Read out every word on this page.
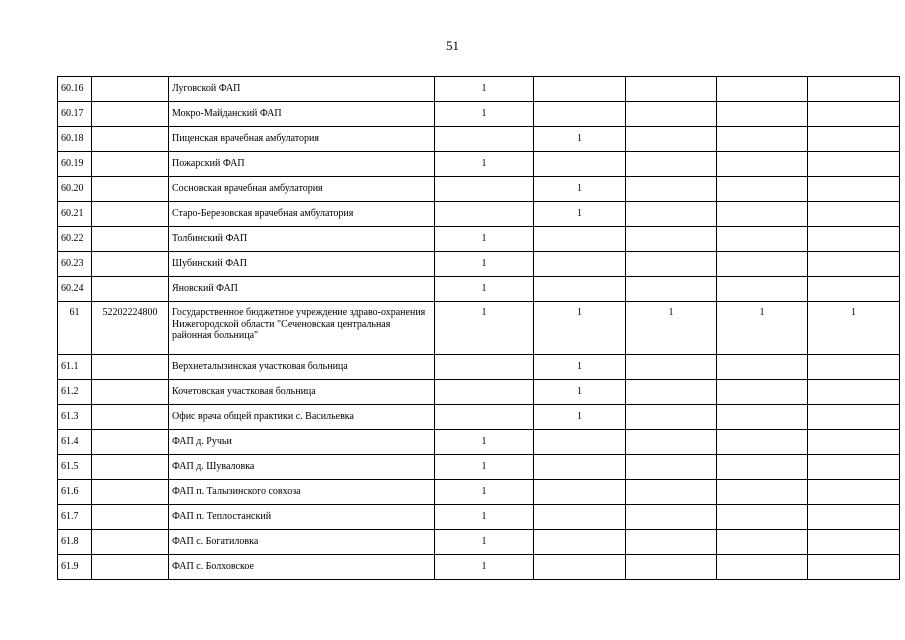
51
60.16		Луговской ФАП	1				
60.17		Мокро-Майданский ФАП	1				
60.18		Пиценская врачебная амбулатория		1			
60.19		Пожарский ФАП	1				
60.20		Сосновская врачебная амбулатория		1			
60.21		Старо-Березовская врачебная амбулатория		1			
60.22		Толбинский ФАП	1				
60.23		Шубинский ФАП	1				
60.24		Яновский ФАП	1				
61	52202224800	Государственное бюджетное учреждение здраво-охранения Нижегородской области "Сеченовская центральная районная больница"	1	1	1	1	1
61.1		Верхнеталызинская участковая больница		1			
61.2		Кочетовская участковая больница		1			
61.3		Офис врача общей практики с. Васильевка		1			
61.4		ФАП д. Ручьи	1				
61.5		ФАП д. Шуваловка	1				
61.6		ФАП п. Талызинского совхоза	1				
61.7		ФАП п. Теплостанский	1				
61.8		ФАП с. Богатиловка	1				
61.9		ФАП с. Болховское	1				
